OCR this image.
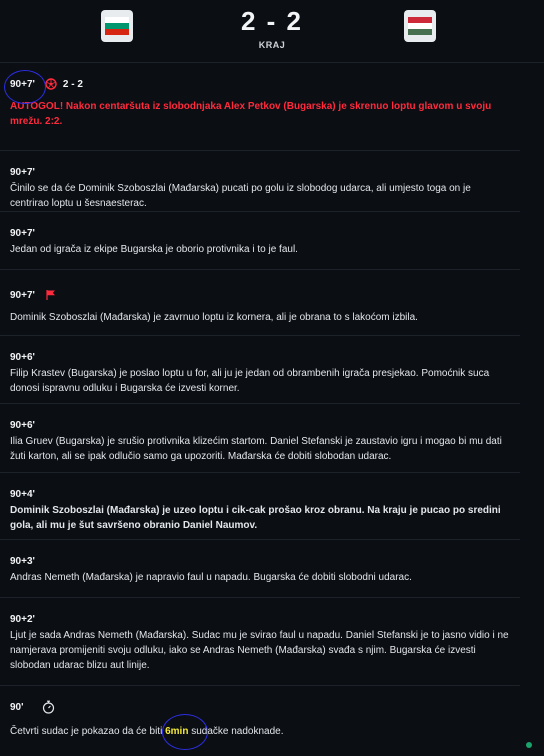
2 - 2
KRAJ
90+7'	2 - 2
AUTOGOL! Nakon centaršuta iz slobodnjaka Alex Petkov (Bugarska) je skrenuo loptu glavom u svoju mrežu. 2:2.
90+7'
Činilo se da će Dominik Szoboszlai (Mađarska) pucati po golu iz slobodog udarca, ali umjesto toga on je centrirao loptu u šesnaesterac.
90+7'
Jedan od igrača iz ekipe Bugarska je oborio protivnika i to je faul.
90+7'
Dominik Szoboszlai (Mađarska) je zavrnuo loptu iz kornera, ali je obrana to s lakoćom izbila.
90+6'
Filip Krastev (Bugarska) je poslao loptu u for, ali ju je jedan od obrambenih igrača presjekao. Pomoćnik suca donosi ispravnu odluku i Bugarska će izvesti korner.
90+6'
Ilia Gruev (Bugarska) je srušio protivnika klizećim startom. Daniel Stefanski je zaustavio igru i mogao bi mu dati žuti karton, ali se ipak odlučio samo ga upozoriti. Mađarska će dobiti slobodan udarac.
90+4'
Dominik Szoboszlai (Mađarska) je uzeo loptu i cik-cak prošao kroz obranu. Na kraju je pucao po sredini gola, ali mu je šut savršeno obranio Daniel Naumov.
90+3'
Andras Nemeth (Mađarska) je napravio faul u napadu. Bugarska će dobiti slobodni udarac.
90+2'
Ljut je sada Andras Nemeth (Mađarska). Sudac mu je svirao faul u napadu. Daniel Stefanski je to jasno vidio i ne namjerava promijeniti svoju odluku, iako se Andras Nemeth (Mađarska) svađa s njim. Bugarska će izvesti slobodan udarac blizu aut linije.
90'
Četvrti sudac je pokazao da će biti 6min sudačke nadoknade.
